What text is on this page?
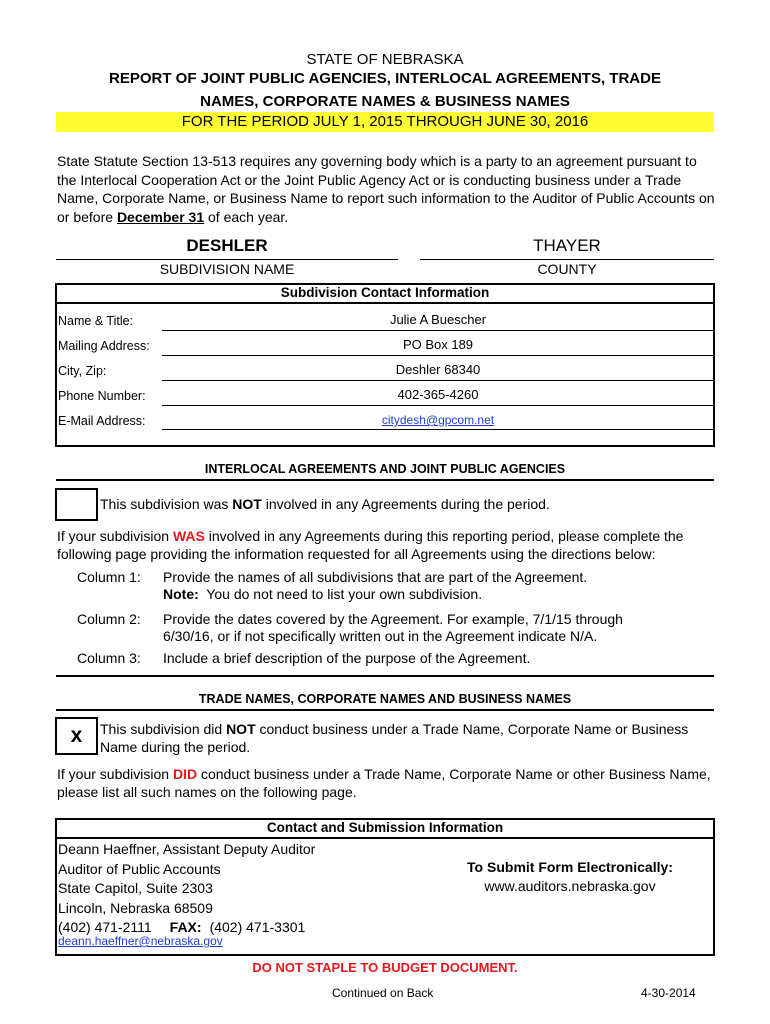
STATE OF NEBRASKA
REPORT OF JOINT PUBLIC AGENCIES, INTERLOCAL AGREEMENTS, TRADE
NAMES, CORPORATE NAMES & BUSINESS NAMES
FOR THE PERIOD JULY 1, 2015 THROUGH JUNE 30, 2016
State Statute Section 13-513 requires any governing body which is a party to an agreement pursuant to
the Interlocal Cooperation Act or the Joint Public Agency Act or is conducting business under a Trade
Name, Corporate Name, or Business Name to report such information to the Auditor of Public Accounts on
or before December 31 of each year.
DESHLER
SUBDIVISION NAME
THAYER
COUNTY
Subdivision Contact Information
Name & Title:	Julie A Buescher
Mailing Address:	PO Box 189
City, Zip:	Deshler 68340
Phone Number:	402-365-4260
E-Mail Address:	citydesh@gpcom.net
INTERLOCAL AGREEMENTS AND JOINT PUBLIC AGENCIES
This subdivision was NOT involved in any Agreements during the period.
If your subdivision WAS involved in any Agreements during this reporting period, please complete the
following page providing the information requested for all Agreements using the directions below:
Column 1: Provide the names of all subdivisions that are part of the Agreement.
Note:  You do not need to list your own subdivision.
Column 2: Provide the dates covered by the Agreement. For example, 7/1/15 through
6/30/16, or if not specifically written out in the Agreement indicate N/A.
Column 3: Include a brief description of the purpose of the Agreement.
TRADE NAMES, CORPORATE NAMES AND BUSINESS NAMES
x	This subdivision did NOT conduct business under a Trade Name, Corporate Name or Business
Name during the period.
If your subdivision DID conduct business under a Trade Name, Corporate Name or other Business Name,
please list all such names on the following page.
Contact and Submission Information
Deann Haeffner, Assistant Deputy Auditor
Auditor of Public Accounts
State Capitol, Suite 2303
Lincoln, Nebraska 68509
(402) 471-2111 FAX: (402) 471-3301
deann.haeffner@nebraska.gov
To Submit Form Electronically:
www.auditors.nebraska.gov
DO NOT STAPLE TO BUDGET DOCUMENT.
Continued on Back	4-30-2014
